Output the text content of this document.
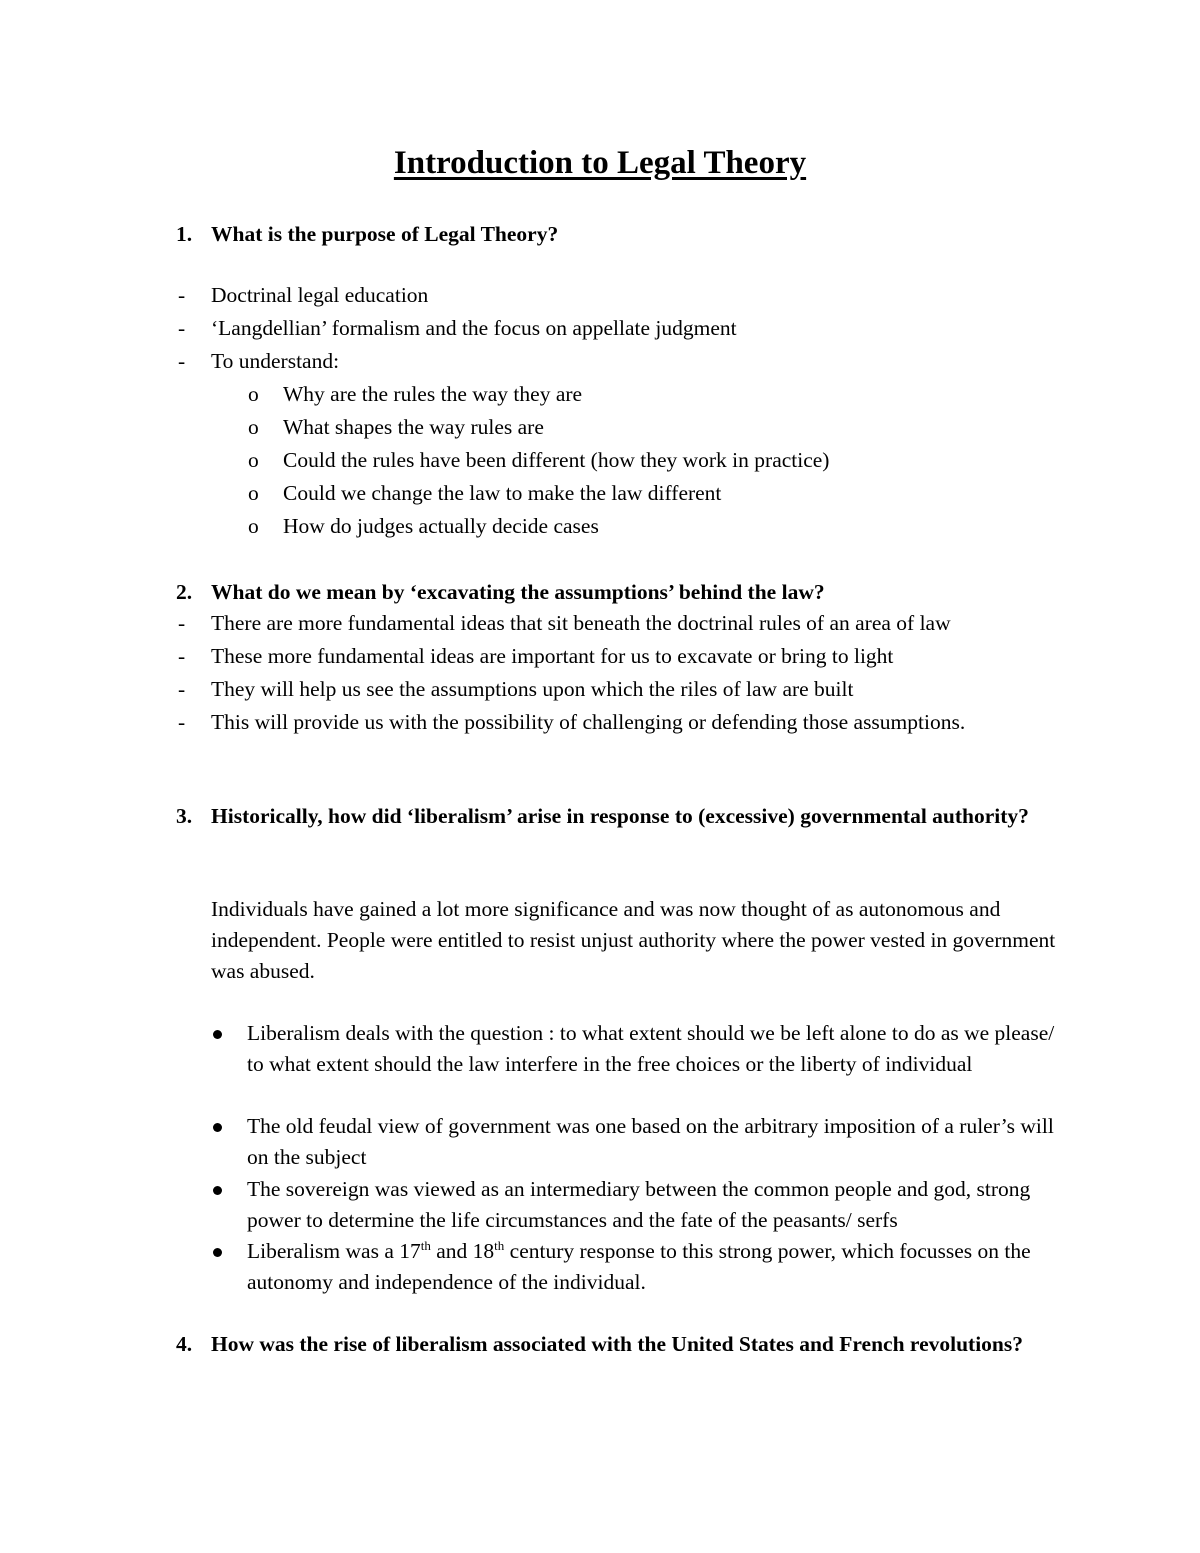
Introduction to Legal Theory
1. What is the purpose of Legal Theory?
- Doctrinal legal education
- ‘Langdellian’ formalism and the focus on appellate judgment
- To understand:
o Why are the rules the way they are
o What shapes the way rules are
o Could the rules have been different (how they work in practice)
o Could we change the law to make the law different
o How do judges actually decide cases
2. What do we mean by ‘excavating the assumptions’ behind the law?
- There are more fundamental ideas that sit beneath the doctrinal rules of an area of law
- These more fundamental ideas are important for us to excavate or bring to light
- They will help us see the assumptions upon which the riles of law are built
- This will provide us with the possibility of challenging or defending those assumptions.
3. Historically, how did ‘liberalism’ arise in response to (excessive) governmental authority?
Individuals have gained a lot more significance and was now thought of as autonomous and independent. People were entitled to resist unjust authority where the power vested in government was abused.
Liberalism deals with the question : to what extent should we be left alone to do as we please/ to what extent should the law interfere in the free choices or the liberty of individual
The old feudal view of government was one based on the arbitrary imposition of a ruler’s will on the subject
The sovereign was viewed as an intermediary between the common people and god, strong power to determine the life circumstances and the fate of the peasants/ serfs
Liberalism was a 17th and 18th century response to this strong power, which focusses on the autonomy and independence of the individual.
4. How was the rise of liberalism associated with the United States and French revolutions?
